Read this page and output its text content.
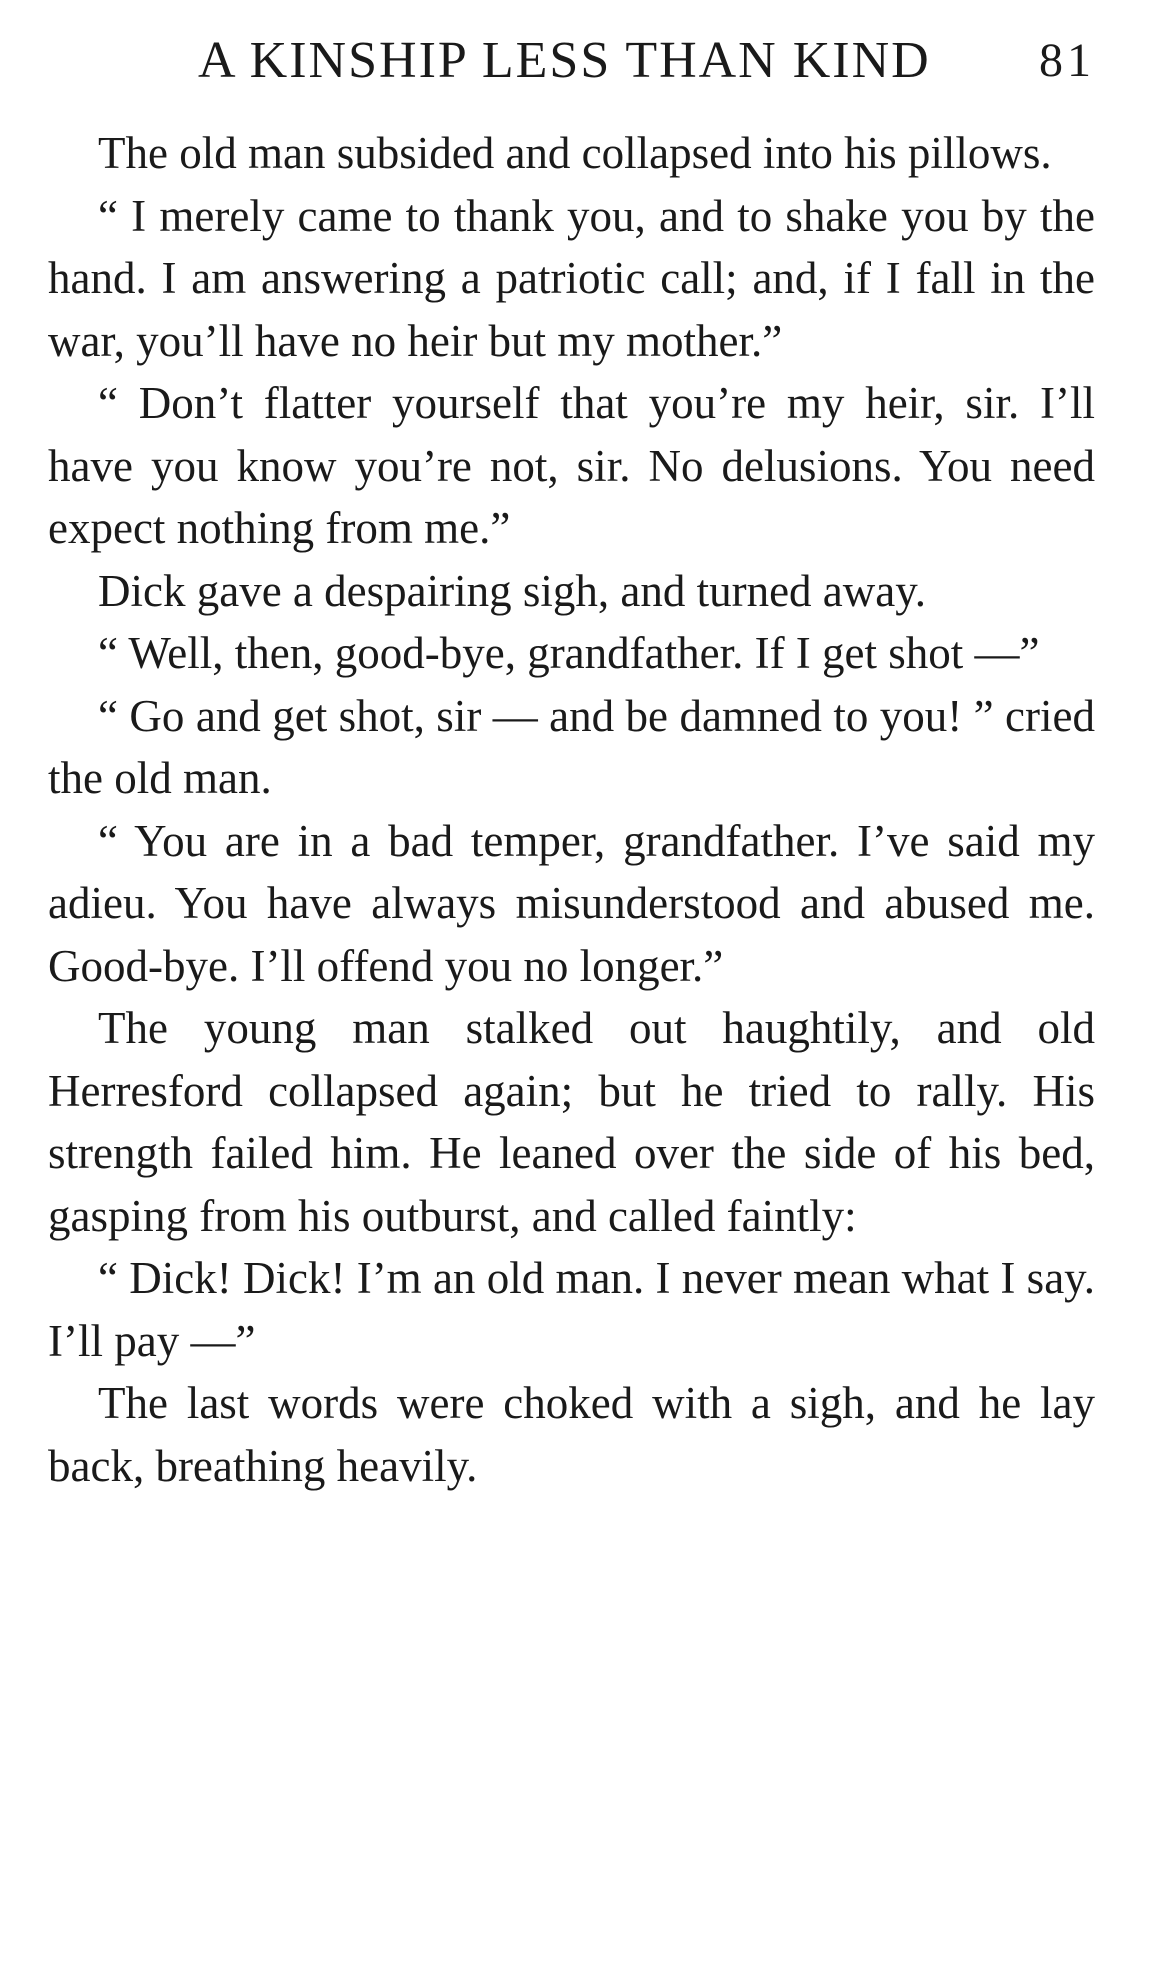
A KINSHIP LESS THAN KIND 81

The old man subsided and collapsed into his pillows.

“ I merely came to thank you, and to shake you by the hand. I am answering a patriotic call; and, if I fall in the war, you’ll have no heir but my mother.”

“ Don’t flatter yourself that you’re my heir, sir. I’ll have you know you’re not, sir. No delusions. You need expect nothing from me.”

Dick gave a despairing sigh, and turned away.

“ Well, then, good-bye, grandfather. If I get shot —”

“ Go and get shot, sir — and be damned to you! ” cried the old man.

“ You are in a bad temper, grandfather. I’ve said my adieu. You have always misunderstood and abused me. Good-bye. I’ll offend you no longer.”

The young man stalked out haughtily, and old Herresford collapsed again; but he tried to rally. His strength failed him. He leaned over the side of his bed, gasping from his outburst, and called faintly:

“ Dick! Dick! I’m an old man. I never mean what I say. I’ll pay —”

The last words were choked with a sigh, and he lay back, breathing heavily.
